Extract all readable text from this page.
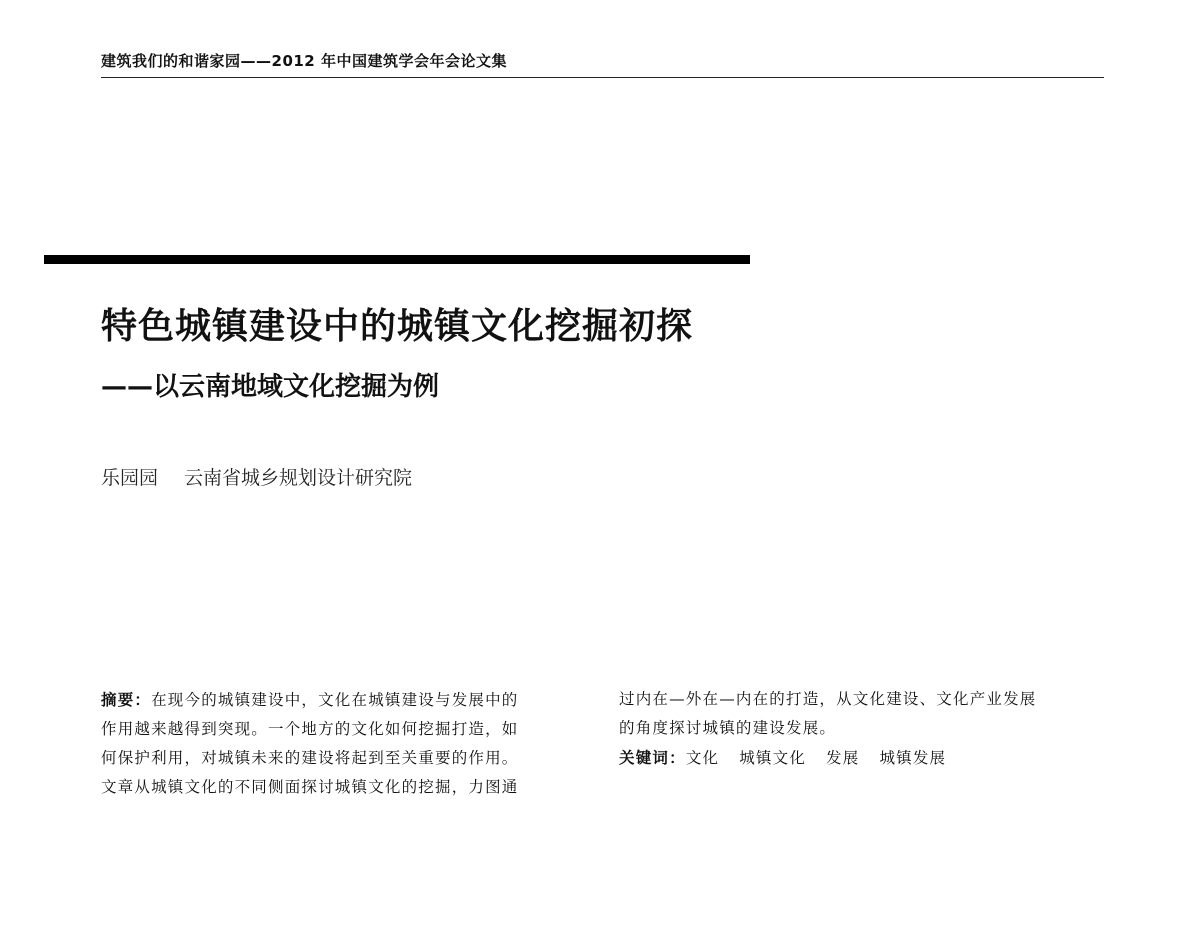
建筑我们的和谐家园——2012 年中国建筑学会年会论文集
特色城镇建设中的城镇文化挖掘初探
——以云南地域文化挖掘为例
乐园园 云南省城乡规划设计研究院
摘要：在现今的城镇建设中，文化在城镇建设与发展中的
作用越来越得到突现。一个地方的文化如何挖掘打造，如
何保护利用，对城镇未来的建设将起到至关重要的作用。
文章从城镇文化的不同侧面探讨城镇文化的挖掘，力图通
过内在—外在—内在的打造，从文化建设、文化产业发展
的角度探讨城镇的建设发展。
关键词：文化 城镇文化 发展 城镇发展
